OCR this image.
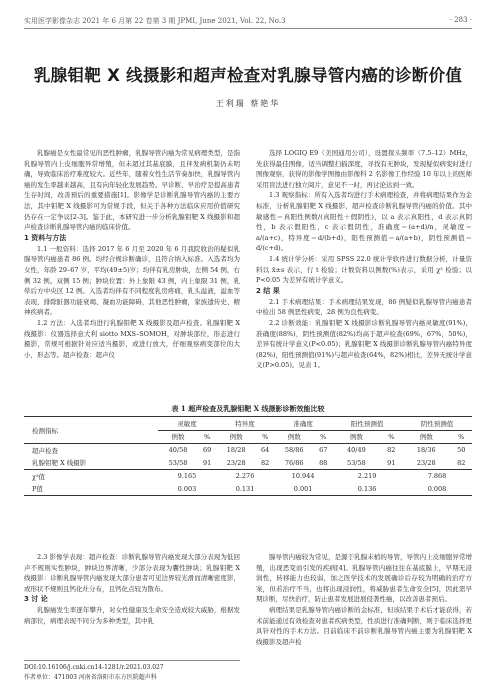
实用医学影像杂志 2021 年 6 月第 22 卷第 3 期 JPMI, June 2021, Vol. 22, No.3	· 283 ·
乳腺钼靶 X 线摄影和超声检查对乳腺导管内癌的诊断价值
王利瑞 蔡艳华

乳腺癌是女性最常见的恶性肿瘤，乳腺导管内癌为常见病理类型，是指乳腺导管内上皮细胞异常增殖，但未超过其基底膜，且伴发病机制仍未明确，导致临床治疗难度较大。近些年，随着女性生活节奏加快，乳腺导管内癌的发生率越来越高，且有向年轻化发展趋势。早诊断、早治疗是提高患者生存时间，改善预后的重要措施[1]。影像学是诊断乳腺导管内癌的主要方法，其中钼靶 X 线摄影可为常规手段，但关于各种方法临床应用价值研究仍存在一定争议[2-3]。鉴于此，本研究进一步分析乳腺钼靶 X 线摄影和超声检查诊断乳腺导管内癌的临床价值。

1 资料与方法

1.1 一般资料：选择 2017 年 6 月至 2020 年 6 月我院收治的疑似乳腺导管内癌患者 86 例。均经合规诊断确诊，且符合纳入标准。入选者均为女性，年龄 29–67 岁，平均(49±5)岁；均伴有乳房肿块，左侧 54 例，右侧 32 例。双侧 15 例；肿块位置：外上象限 43 例，内上象限 31 例，乳晕后方中央区 12 例。入选者均伴有不同程度乳房疼痛，乳头溢液，溢血等表现，排除脏器功能衰竭、凝血功能障碍，其他恶性肿瘤，家族遗传史、精神疾病者。

1.2 方法：入选者均进行乳腺钼靶 X 线摄影及超声检查。乳腺钼靶 X 线摄影：仪器选择意大利 siotto MXS–SOMOH，对肿块部位，形态进行摄影，常规可根据针对应适当摄影，或进行放大，仔细观察病变部位的大小，形态等。超声检查：超声仪

选择 LOGIQ E9（美国通用公司），设置探头频率（7.5–12）MHz，先获得最佳图像，适当调整扫描深度，寻找有无肿块，发现疑似病变时进行图像观察，获得的影像学图像由影像科 2 名影像工作经验 10 年以上的医师采用盲法进行独立阅片，意见不一时，再讨论达到一致。

1.3 观察指标：所有入选者均进行手术病理检查，并将病理结果作为金标准，分析乳腺钼靶 X 线摄影，超声检查诊断乳腺导管内癌的价值。其中敏感性＝真阳性例数/(真阳性＋假阴性)，以 a 表示真阳性，d 表示真阴性，b 表示假阳性，c 表示假阴性，准确度＝(a+d)/n，灵敏度＝a/(a+c)，特异度＝d/(b+d)，阳性预测值＝a/(a+b)，阴性预测值＝d/(c+d)。

1.4 统计学分析：采用 SPSS 22.0 统计学软件进行数据分析，计量资料以 x̄±s 表示，行 t 检验；计数资料以例数(%)表示，采用 χ² 检验；以 P<0.05 为差异有统计学意义。

2 结 果

2.1 手术病理结果：手术病理结果发现，86 例疑似乳腺导管内癌患者中检出 58 例恶性病变，28 例为良性病变。

2.2 诊断效能：乳腺钼靶 X 线摄影诊断乳腺导管内癌灵敏度(91%)，准确度(88%)，阴性预测值(82%)均高于超声检查(69%，67%，50%)，差异有统计学意义(P<0.05)；乳腺钼靶 X 线摄影诊断乳腺导管内癌特异度(82%)，阳性预测值(91%)与超声检查(64%，82%)相比，差异无统计学意义(P>0.05)。见表 1。

表 1 超声检查及乳腺钼靶 X 线摄影诊断效能比较
检测指标	灵敏度		特异度		准确度		阳性预测值		阴性预测值	
	例数	%	例数	%	例数	%	例数	%	例数	%
超声检查	40/58	69	18/28	64	58/86	67	40/49	82	18/36	50
乳腺钼靶 X 线摄影	53/58	91	23/28	82	76/86	88	53/58	91	23/28	82
χ²值	9.165		2.276		10.944		2.219		7.868	
P值	0.003		0.131		0.001		0.136		0.008	

2.3 影像学表现：超声检查：诊断乳腺导管内癌发现大部分表现为低回声不规则实性肿块，肿块边界清晰，少部分表现为囊性肿块；乳腺钼靶 X 线摄影：诊断乳腺导管内癌发现大部分患者可见边界较光滑而清晰密度影，或形状不规则且钙化灶分布，且钙化点较为散布。

3 讨 论

乳腺癌发生率逐年攀升，对女性健康及生命安全造成较大威胁，根据发病部位，病理表现不同分为多种类型，其中乳

腺导管内癌较为常见，是源于乳腺末梢的导管，导管内上皮细胞异常增殖，出现恶变而引发的疾病[4]。乳腺导管内癌往往在基底膜上，早期无浸润性，转移能力也较弱，加之医学技术的发展确诊后存较为明确的治疗方案，但若治疗不当，也将出现浸润性，将威胁患者生命安全[5]，因此需早期诊断，尽快治疗，防止患者发展进展侵袭性癌，以改善患者预后。

病理结果是乳腺导管内癌诊断的金标准，但该结果手术后才能获得，若术前能通过有效检查对患者疾病类型，性质进行准确判断，则于临床选择更具针对性的手术方法。目前临床不前诊断乳腺导管内癌主要为乳腺钼靶 X 线摄影及超声检

DOI:10.16106/j.cnki.cn14-1281/r.2021.03.027
作者单位：471003 河南省洛阳市东方医院超声科
